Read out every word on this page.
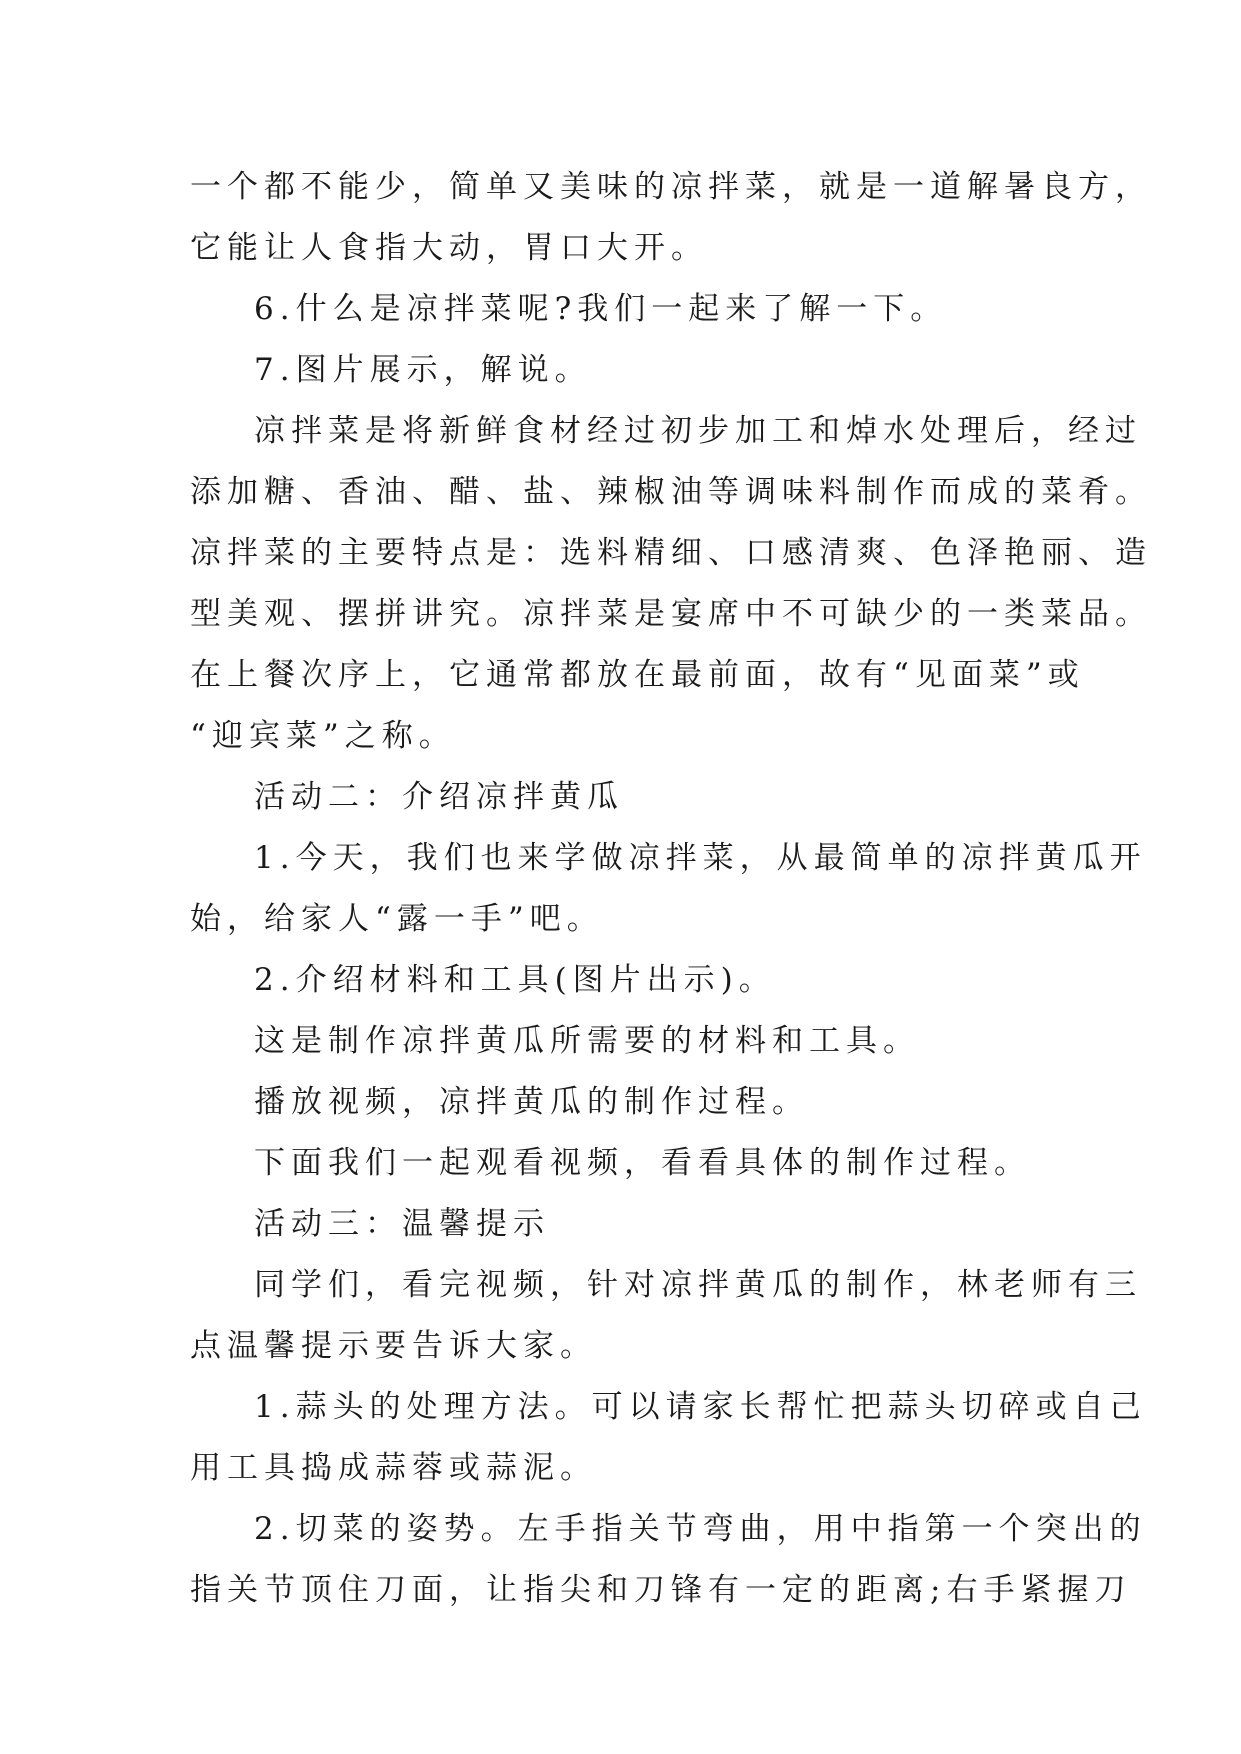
一个都不能少，简单又美味的凉拌菜，就是一道解暑良方，
它能让人食指大动，胃口大开。
6.什么是凉拌菜呢?我们一起来了解一下。
7.图片展示，解说。
凉拌菜是将新鲜食材经过初步加工和焯水处理后，经过
添加糖、香油、醋、盐、辣椒油等调味料制作而成的菜肴。
凉拌菜的主要特点是：选料精细、口感清爽、色泽艳丽、造
型美观、摆拼讲究。凉拌菜是宴席中不可缺少的一类菜品。
在上餐次序上，它通常都放在最前面，故有“见面菜”或
“迎宾菜”之称。
活动二：介绍凉拌黄瓜
1.今天，我们也来学做凉拌菜，从最简单的凉拌黄瓜开
始，给家人“露一手”吧。
2.介绍材料和工具(图片出示)。
这是制作凉拌黄瓜所需要的材料和工具。
播放视频，凉拌黄瓜的制作过程。
下面我们一起观看视频，看看具体的制作过程。
活动三：温馨提示
同学们，看完视频，针对凉拌黄瓜的制作，林老师有三
点温馨提示要告诉大家。
1.蒜头的处理方法。可以请家长帮忙把蒜头切碎或自己
用工具捣成蒜蓉或蒜泥。
2.切菜的姿势。左手指关节弯曲，用中指第一个突出的
指关节顶住刀面，让指尖和刀锋有一定的距离;右手紧握刀
